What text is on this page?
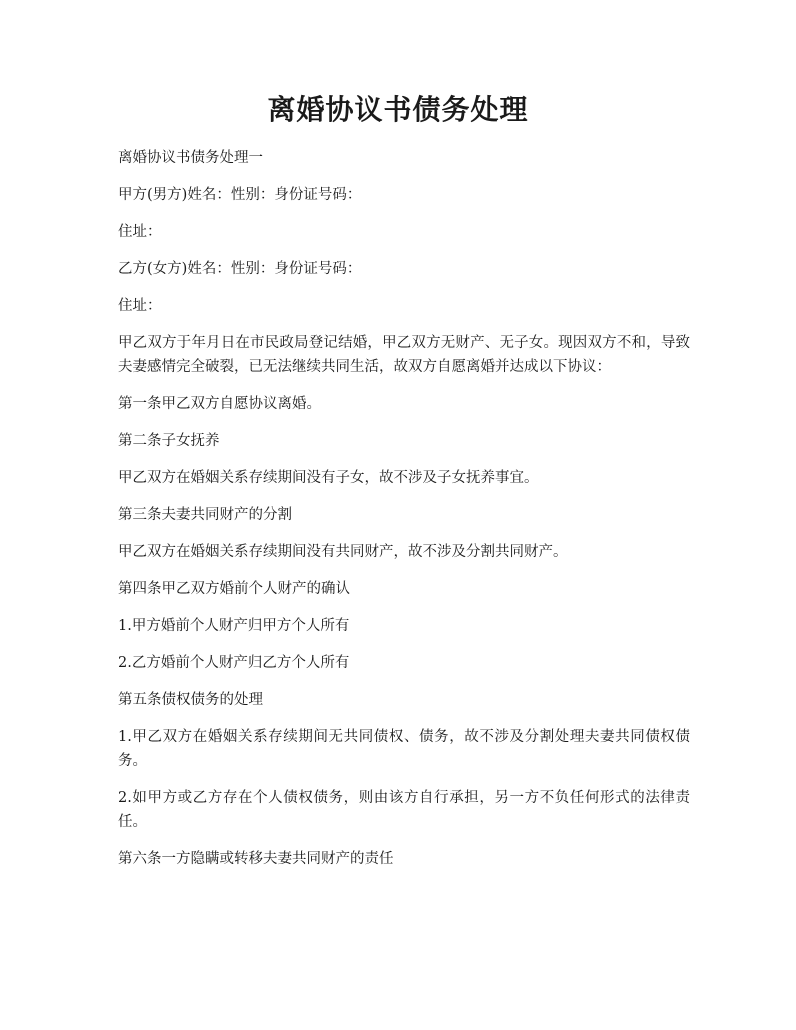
离婚协议书债务处理

离婚协议书债务处理一

甲方(男方)姓名：性别：身份证号码：

住址：

乙方(女方)姓名：性别：身份证号码：

住址：

甲乙双方于年月日在市民政局登记结婚，甲乙双方无财产、无子女。现因双方不和，导致夫妻感情完全破裂，已无法继续共同生活，故双方自愿离婚并达成以下协议：

第一条甲乙双方自愿协议离婚。

第二条子女抚养

甲乙双方在婚姻关系存续期间没有子女，故不涉及子女抚养事宜。

第三条夫妻共同财产的分割

甲乙双方在婚姻关系存续期间没有共同财产，故不涉及分割共同财产。

第四条甲乙双方婚前个人财产的确认

1.甲方婚前个人财产归甲方个人所有

2.乙方婚前个人财产归乙方个人所有

第五条债权债务的处理

1.甲乙双方在婚姻关系存续期间无共同债权、债务，故不涉及分割处理夫妻共同债权债务。

2.如甲方或乙方存在个人债权债务，则由该方自行承担，另一方不负任何形式的法律责任。

第六条一方隐瞒或转移夫妻共同财产的责任
